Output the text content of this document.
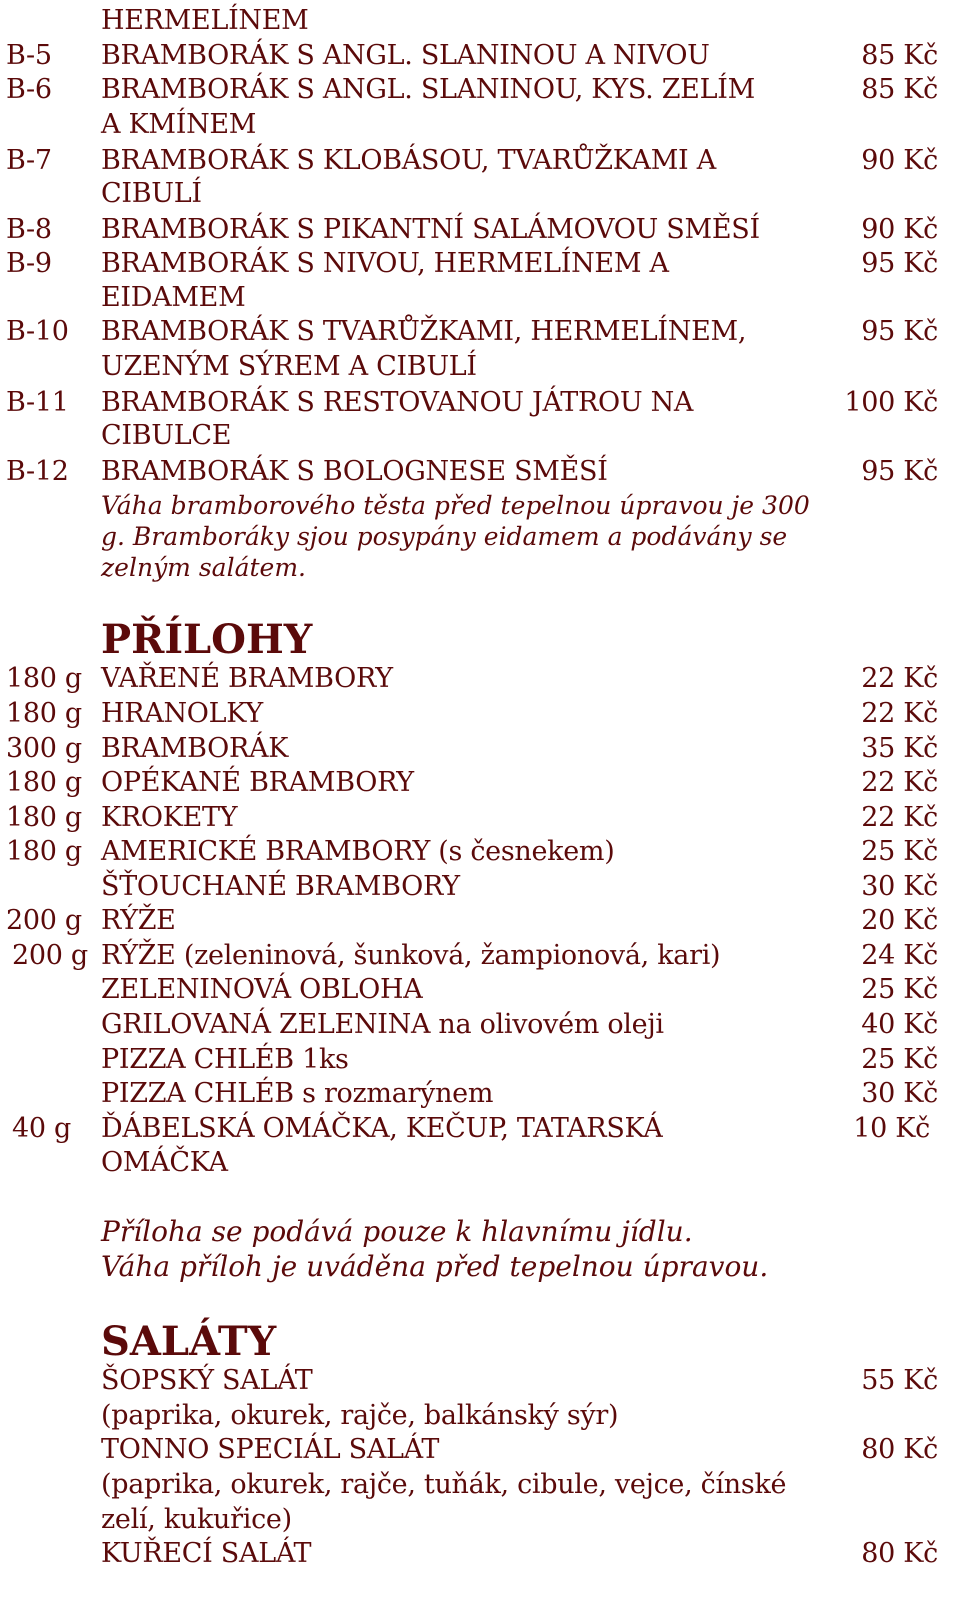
HERMELÍNEM
B-5 BRAMBORÁK S ANGL. SLANINOU A NIVOU	85 Kč
B-6 BRAMBORÁK S ANGL. SLANINOU, KYS. ZELÍM	85 Kč
A KMÍNEM
B-7 BRAMBORÁK S KLOBÁSOU, TVARŮŽKAMI A	90 Kč
CIBULÍ
B-8 BRAMBORÁK S PIKANTNÍ SALÁMOVOU SMĚSÍ	90 Kč
B-9 BRAMBORÁK S NIVOU, HERMELÍNEM A	95 Kč
EIDAMEM
B-10 BRAMBORÁK S TVARŮŽKAMI, HERMELÍNEM,	95 Kč
UZENÝM SÝREM A CIBULÍ
B-11 BRAMBORÁK S RESTOVANOU JÁTROU NA	100 Kč
CIBULCE
B-12 BRAMBORÁK S BOLOGNESE SMĚSÍ	95 Kč
Váha bramborového těsta před tepelnou úpravou je 300
g. Bramboráky sjou posypány eidamem a podávány se
zelným salátem.
PŘÍLOHY
180 g VAŘENÉ BRAMBORY	22 Kč
180 g HRANOLKY	22 Kč
300 g BRAMBORÁK	35 Kč
180 g OPÉKANÉ BRAMBORY	22 Kč
180 g KROKETY	22 Kč
180 g AMERICKÉ BRAMBORY (s česnekem)	25 Kč
ŠŤOUCHANÉ BRAMBORY	30 Kč
200 g RÝŽE	20 Kč
200 g RÝŽE (zeleninová, šunková, žampionová, kari)	24 Kč
ZELENINOVÁ OBLOHA	25 Kč
GRILOVANÁ ZELENINA na olivovém oleji	40 Kč
PIZZA CHLÉB 1ks	25 Kč
PIZZA CHLÉB s rozmarýnem	30 Kč
40 g ĎÁBELSKÁ OMÁČKA, KEČUP, TATARSKÁ	10 Kč
OMÁČKA
Příloha se podává pouze k hlavnímu jídlu.
Váha příloh je uváděna před tepelnou úpravou.
SALÁTY
ŠOPSKÝ SALÁT	55 Kč
(paprika, okurek, rajče, balkánský sýr)
TONNO SPECIÁL SALÁT	80 Kč
(paprika, okurek, rajče, tuňák, cibule, vejce, čínské
zelí, kukuřice)
KUŘECÍ SALÁT	80 Kč
